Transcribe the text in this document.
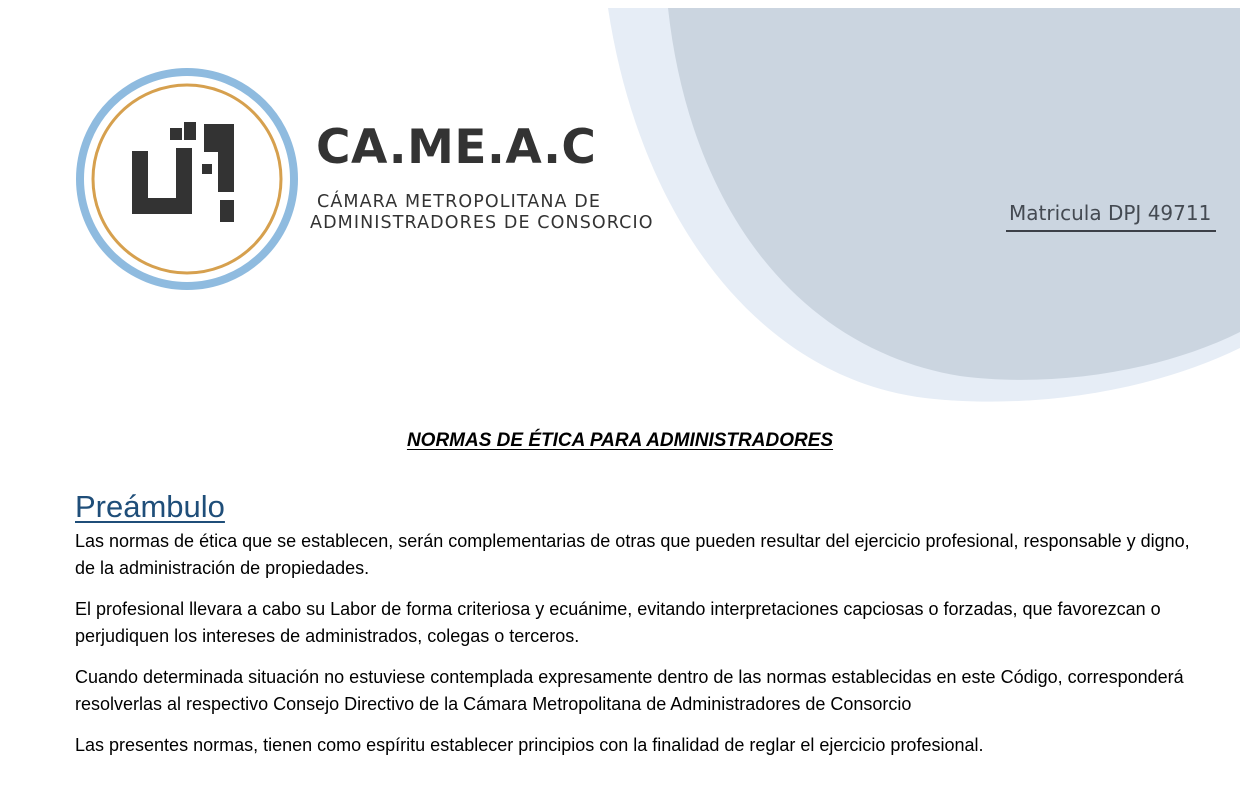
CA.ME.A.C
CÁMARA METROPOLITANA DE
ADMINISTRADORES DE CONSORCIO	Matricula DPJ 49711

NORMAS DE ÉTICA PARA ADMINISTRADORES
Preámbulo

Las normas de ética que se establecen, serán complementarias de otras que pueden resultar del ejercicio profesional, responsable y digno, de la administración de propiedades.

El profesional llevara a cabo su Labor de forma criteriosa y ecuánime, evitando interpretaciones capciosas o forzadas, que favorezcan o perjudiquen los intereses de administrados, colegas o terceros.

Cuando determinada situación no estuviese contemplada expresamente dentro de las normas establecidas en este Código, corresponderá resolverlas al respectivo Consejo Directivo de la Cámara Metropolitana de Administradores de Consorcio

Las presentes normas, tienen como espíritu establecer principios con la finalidad de reglar el ejercicio profesional.
